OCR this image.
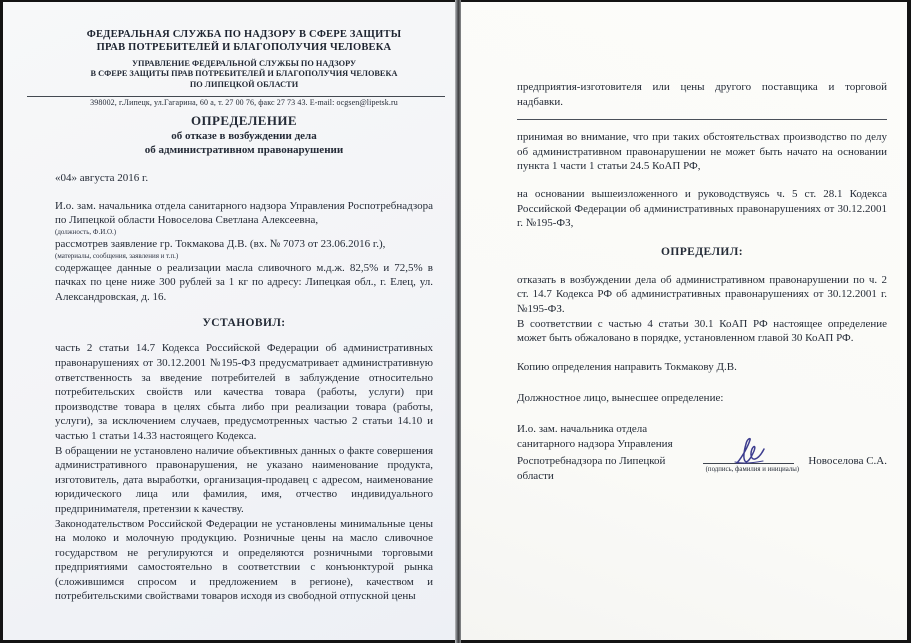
ФЕДЕРАЛЬНАЯ СЛУЖБА ПО НАДЗОРУ В СФЕРЕ ЗАЩИТЫ
ПРАВ ПОТРЕБИТЕЛЕЙ И БЛАГОПОЛУЧИЯ ЧЕЛОВЕКА
УПРАВЛЕНИЕ ФЕДЕРАЛЬНОЙ СЛУЖБЫ ПО НАДЗОРУ
В СФЕРЕ ЗАЩИТЫ ПРАВ ПОТРЕБИТЕЛЕЙ И БЛАГОПОЛУЧИЯ ЧЕЛОВЕКА
ПО ЛИПЕЦКОЙ ОБЛАСТИ
398002, г.Липецк, ул.Гагарина, 60 а, т. 27 00 76, факс 27 73 43. E-mail: ocgsen@lipetsk.ru
ОПРЕДЕЛЕНИЕ
об отказе в возбуждении дела
об административном правонарушении

«04» августа 2016 г.

И.о. зам. начальника отдела санитарного надзора Управления Роспотребнадзора по Липецкой области Новоселова Светлана Алексеевна,

(должность, Ф.И.О.)

рассмотрев заявление гр. Токмакова Д.В. (вх. № 7073 от 23.06.2016 г.),

(материалы, сообщения, заявления и т.п.)

содержащее данные о реализации масла сливочного м.д.ж. 82,5% и 72,5% в пачках по цене ниже 300 рублей за 1 кг по адресу: Липецкая обл., г. Елец, ул. Александровская, д. 16.

УСТАНОВИЛ:

часть 2 статьи 14.7 Кодекса Российской Федерации об административных правонарушениях от 30.12.2001 №195-ФЗ предусматривает административную ответственность за введение потребителей в заблуждение относительно потребительских свойств или качества товара (работы, услуги) при производстве товара в целях сбыта либо при реализации товара (работы, услуги), за исключением случаев, предусмотренных частью 2 статьи 14.10 и частью 1 статьи 14.33 настоящего Кодекса.

В обращении не установлено наличие объективных данных о факте совершения административного правонарушения, не указано наименование продукта, изготовитель, дата выработки, организация-продавец с адресом, наименование юридического лица или фамилия, имя, отчество индивидуального предпринимателя, претензии к качеству.

Законодательством Российской Федерации не установлены минимальные цены на молоко и молочную продукцию. Розничные цены на масло сливочное государством не регулируются и определяются розничными торговыми предприятиями самостоятельно в соответствии с конъюнктурой рынка (сложившимся спросом и предложением в регионе), качеством и потребительскими свойствами товаров исходя из свободной отпускной цены

предприятия-изготовителя или цены другого поставщика и торговой надбавки.

принимая во внимание, что при таких обстоятельствах производство по делу об административном правонарушении не может быть начато на основании пункта 1 части 1 статьи 24.5 КоАП РФ,

на основании вышеизложенного и руководствуясь ч. 5 ст. 28.1 Кодекса Российской Федерации об административных правонарушениях от 30.12.2001 г. №195-ФЗ,

ОПРЕДЕЛИЛ:

отказать в возбуждении дела об административном правонарушении по ч. 2 ст. 14.7 Кодекса РФ об административных правонарушениях от 30.12.2001 г. №195-ФЗ.

В соответствии с частью 4 статьи 30.1 КоАП РФ настоящее определение может быть обжаловано в порядке, установленном главой 30 КоАП РФ.

Копию определения направить Токмакову Д.В.

Должностное лицо, вынесшее определение:

И.о. зам. начальника отдела
санитарного надзора Управления
Роспотребнадзора по Липецкой области
(подпись, фамилия и инициалы)
Новоселова С.А.
